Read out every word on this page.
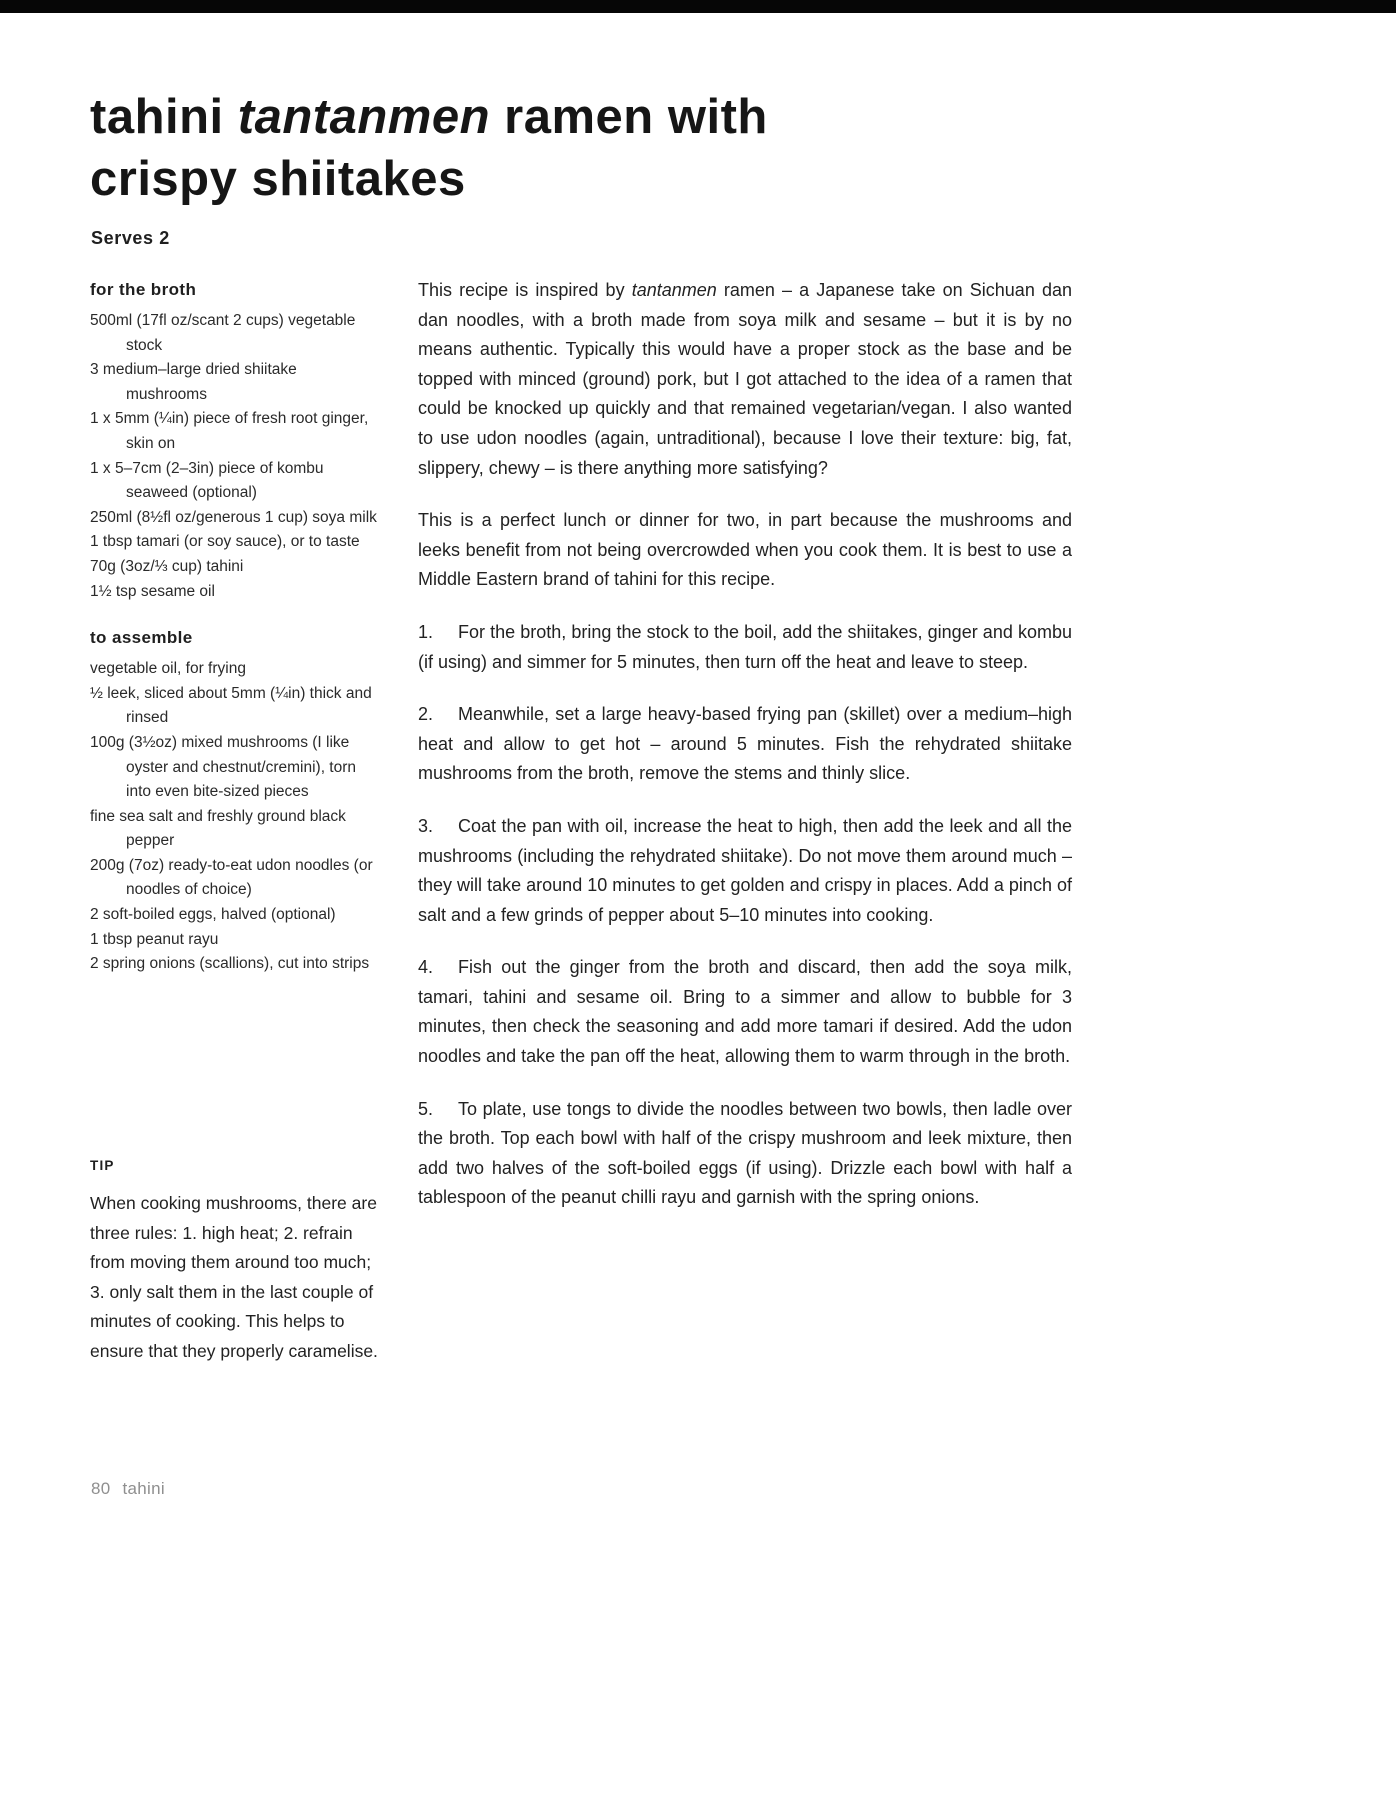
tahini tantanmen ramen with
crispy shiitakes
Serves 2
for the broth
500ml (17fl oz/scant 2 cups) vegetable stock
3 medium–large dried shiitake mushrooms
1 x 5mm (¼in) piece of fresh root ginger, skin on
1 x 5–7cm (2–3in) piece of kombu seaweed (optional)
250ml (8½fl oz/generous 1 cup) soya milk
1 tbsp tamari (or soy sauce), or to taste
70g (3oz/⅓ cup) tahini
1½ tsp sesame oil
to assemble
vegetable oil, for frying
½ leek, sliced about 5mm (¼in) thick and rinsed
100g (3½oz) mixed mushrooms (I like oyster and chestnut/cremini), torn into even bite-sized pieces
fine sea salt and freshly ground black pepper
200g (7oz) ready-to-eat udon noodles (or noodles of choice)
2 soft-boiled eggs, halved (optional)
1 tbsp peanut rayu
2 spring onions (scallions), cut into strips
TIP

When cooking mushrooms, there are three rules: 1. high heat; 2. refrain from moving them around too much; 3. only salt them in the last couple of minutes of cooking. This helps to ensure that they properly caramelise.

This recipe is inspired by tantanmen ramen – a Japanese take on Sichuan dan dan noodles, with a broth made from soya milk and sesame – but it is by no means authentic. Typically this would have a proper stock as the base and be topped with minced (ground) pork, but I got attached to the idea of a ramen that could be knocked up quickly and that remained vegetarian/vegan. I also wanted to use udon noodles (again, untraditional), because I love their texture: big, fat, slippery, chewy – is there anything more satisfying?

This is a perfect lunch or dinner for two, in part because the mushrooms and leeks benefit from not being overcrowded when you cook them. It is best to use a Middle Eastern brand of tahini for this recipe.

1. For the broth, bring the stock to the boil, add the shiitakes, ginger and kombu (if using) and simmer for 5 minutes, then turn off the heat and leave to steep.

2. Meanwhile, set a large heavy-based frying pan (skillet) over a medium–high heat and allow to get hot – around 5 minutes. Fish the rehydrated shiitake mushrooms from the broth, remove the stems and thinly slice.

3. Coat the pan with oil, increase the heat to high, then add the leek and all the mushrooms (including the rehydrated shiitake). Do not move them around much – they will take around 10 minutes to get golden and crispy in places. Add a pinch of salt and a few grinds of pepper about 5–10 minutes into cooking.

4. Fish out the ginger from the broth and discard, then add the soya milk, tamari, tahini and sesame oil. Bring to a simmer and allow to bubble for 3 minutes, then check the seasoning and add more tamari if desired. Add the udon noodles and take the pan off the heat, allowing them to warm through in the broth.

5. To plate, use tongs to divide the noodles between two bowls, then ladle over the broth. Top each bowl with half of the crispy mushroom and leek mixture, then add two halves of the soft-boiled eggs (if using). Drizzle each bowl with half a tablespoon of the peanut chilli rayu and garnish with the spring onions.

80 tahini
